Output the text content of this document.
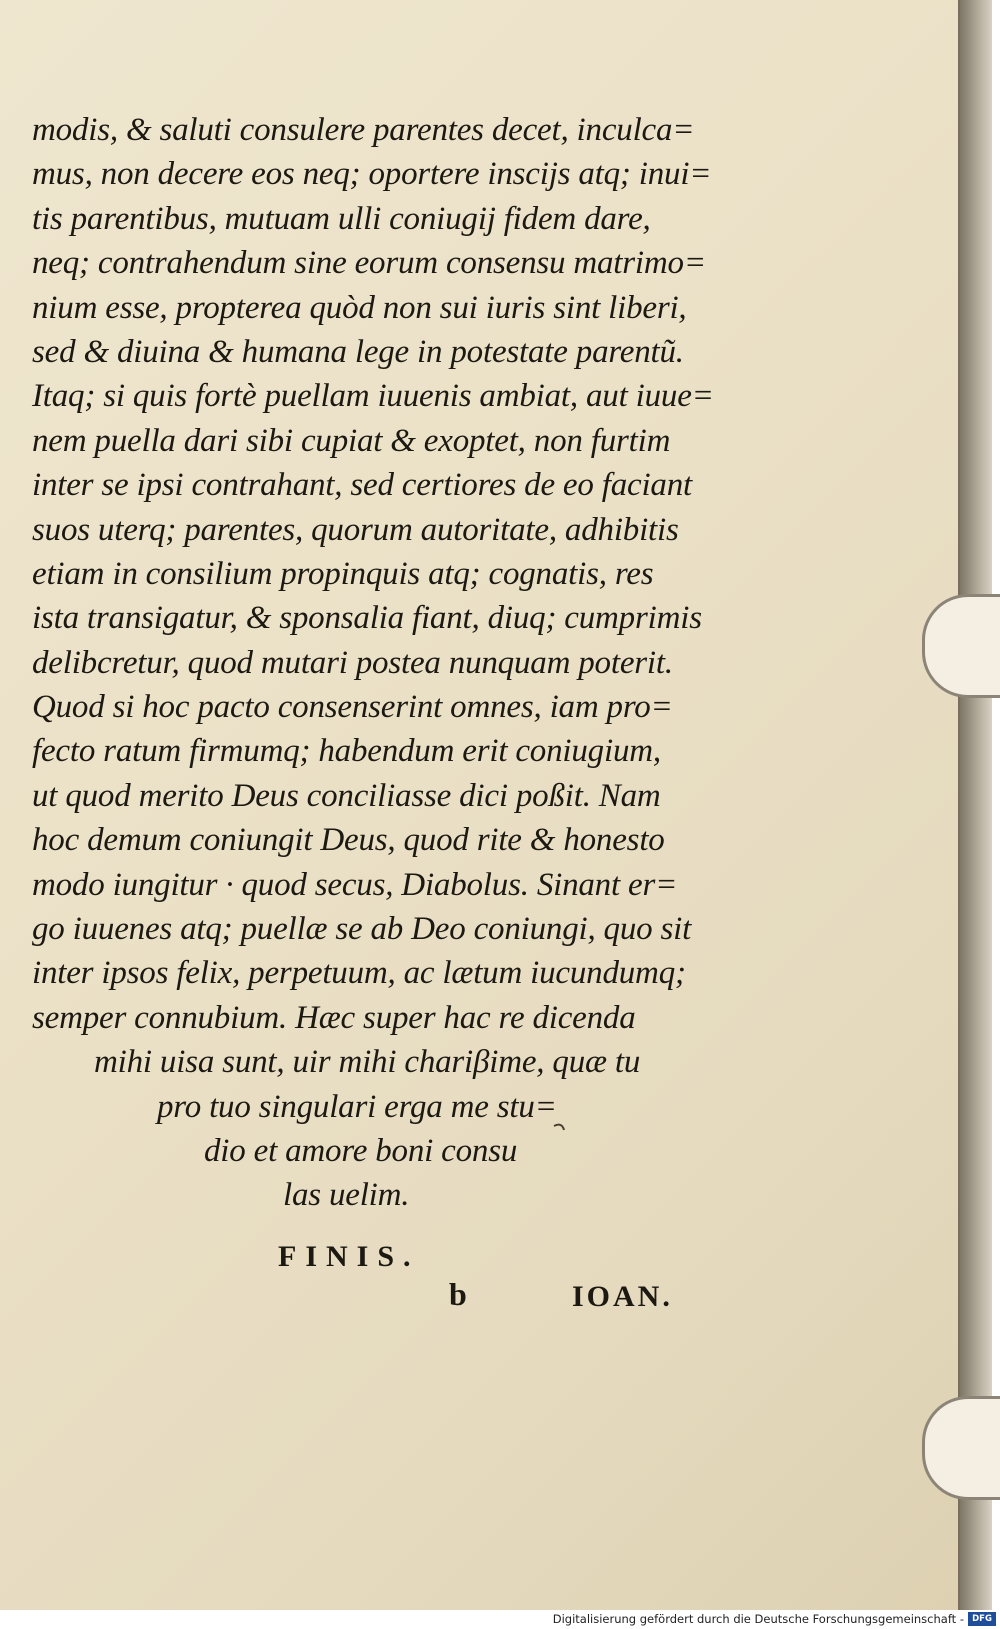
modis, & saluti consulere parentes decet, inculca=
mus, non decere eos neq; oportere inscijs atq; inui=
tis parentibus, mutuam ulli coniugij fidem dare,
neq; contrahendum sine eorum consensu matrimo=
nium esse, propterea quòd non sui iuris sint liberi,
sed & diuina & humana lege in potestate parentũ.
Itaq; si quis fortè puellam iuuenis ambiat, aut iuue=
nem puella dari sibi cupiat & exoptet, non furtim
inter se ipsi contrahant, sed certiores de eo faciant
suos uterq; parentes, quorum autoritate, adhibitis
etiam in consilium propinquis atq; cognatis, res
ista transigatur, & sponsalia fiant, diuq; cumprimis
delibcretur, quod mutari postea nunquam poterit.
Quod si hoc pacto consenserint omnes, iam pro=
fecto ratum firmumq; habendum erit coniugium,
ut quod merito Deus conciliasse dici poßit. Nam
hoc demum coniungit Deus, quod rite & honesto
modo iungitur · quod secus, Diabolus. Sinant er=
go iuuenes atq; puellæ se ab Deo coniungi, quo sit
inter ipsos felix, perpetuum, ac lætum iucundumq;
semper connubium. Hæc super hac re dicenda
mihi uisa sunt, uir mihi chariβime, quæ tu
pro tuo singulari erga me stu=
dio et amore boni consu
las uelim.
FINIS.
b	IOAN.
Digitalisierung gefördert durch die Deutsche Forschungsgemeinschaft - DFG
